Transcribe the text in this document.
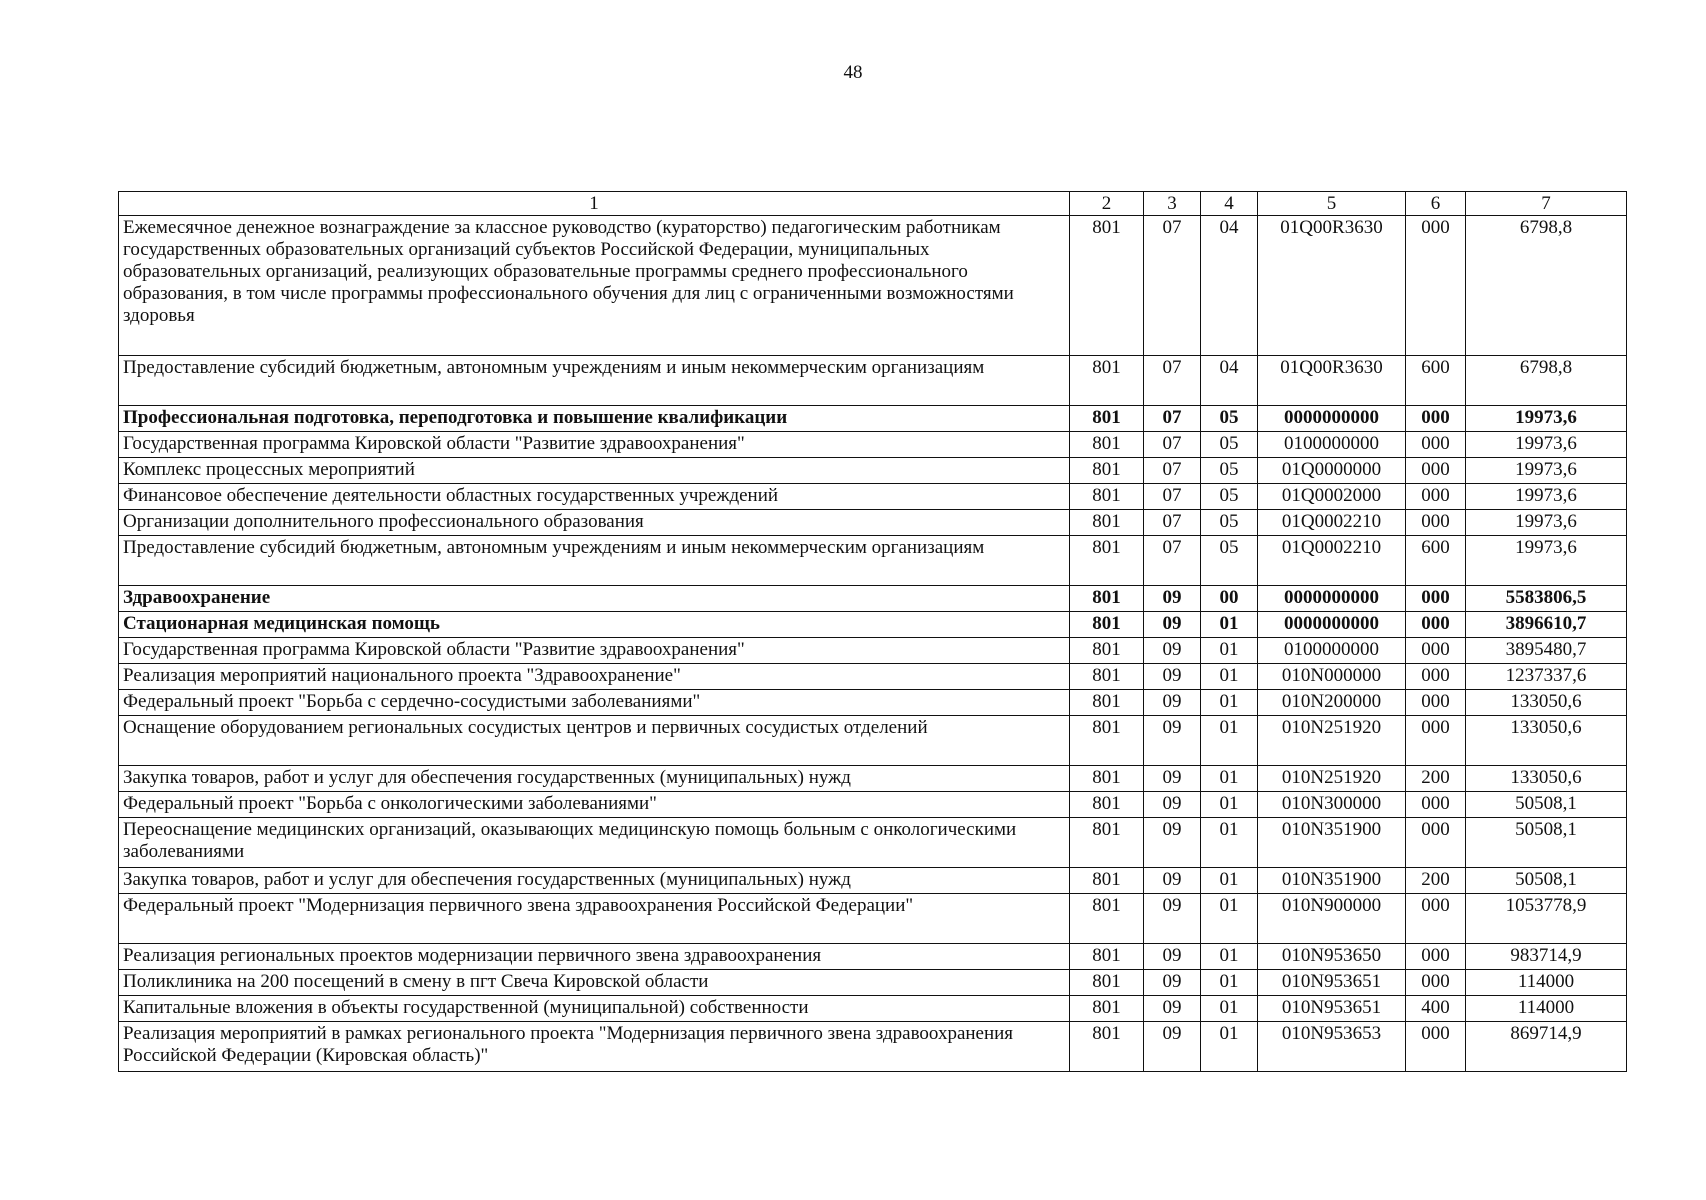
48
1	2	3	4	5	6	7
Ежемесячное денежное вознаграждение за классное руководство (кураторство) педагогическим работникам государственных образовательных организаций субъектов Российской Федерации, муниципальных образовательных организаций, реализующих образовательные программы среднего профессионального образования, в том числе программы профессионального обучения для лиц с ограниченными возможностями здоровья	801	07	04	01Q00R3630	000	6798,8
Предоставление субсидий бюджетным, автономным учреждениям и иным некоммерческим организациям	801	07	04	01Q00R3630	600	6798,8
Профессиональная подготовка, переподготовка и повышение квалификации	801	07	05	0000000000	000	19973,6
Государственная программа Кировской области "Развитие здравоохранения"	801	07	05	0100000000	000	19973,6
Комплекс процессных мероприятий	801	07	05	01Q0000000	000	19973,6
Финансовое обеспечение деятельности областных государственных учреждений	801	07	05	01Q0002000	000	19973,6
Организации дополнительного профессионального образования	801	07	05	01Q0002210	000	19973,6
Предоставление субсидий бюджетным, автономным учреждениям и иным некоммерческим организациям	801	07	05	01Q0002210	600	19973,6
Здравоохранение	801	09	00	0000000000	000	5583806,5
Стационарная медицинская помощь	801	09	01	0000000000	000	3896610,7
Государственная программа Кировской области "Развитие здравоохранения"	801	09	01	0100000000	000	3895480,7
Реализация мероприятий национального проекта "Здравоохранение"	801	09	01	010N000000	000	1237337,6
Федеральный проект "Борьба с сердечно-сосудистыми заболеваниями"	801	09	01	010N200000	000	133050,6
Оснащение оборудованием региональных сосудистых центров и первичных сосудистых отделений	801	09	01	010N251920	000	133050,6
Закупка товаров, работ и услуг для обеспечения государственных (муниципальных) нужд	801	09	01	010N251920	200	133050,6
Федеральный проект "Борьба с онкологическими заболеваниями"	801	09	01	010N300000	000	50508,1
Переоснащение медицинских организаций, оказывающих медицинскую помощь больным с онкологическими заболеваниями	801	09	01	010N351900	000	50508,1
Закупка товаров, работ и услуг для обеспечения государственных (муниципальных) нужд	801	09	01	010N351900	200	50508,1
Федеральный проект "Модернизация первичного звена здравоохранения Российской Федерации"	801	09	01	010N900000	000	1053778,9
Реализация региональных проектов модернизации первичного звена здравоохранения	801	09	01	010N953650	000	983714,9
Поликлиника на 200 посещений в смену в пгт Свеча Кировской области	801	09	01	010N953651	000	114000
Капитальные вложения в объекты государственной (муниципальной) собственности	801	09	01	010N953651	400	114000
Реализация мероприятий в рамках регионального проекта "Модернизация первичного звена здравоохранения Российской Федерации (Кировская область)"	801	09	01	010N953653	000	869714,9
